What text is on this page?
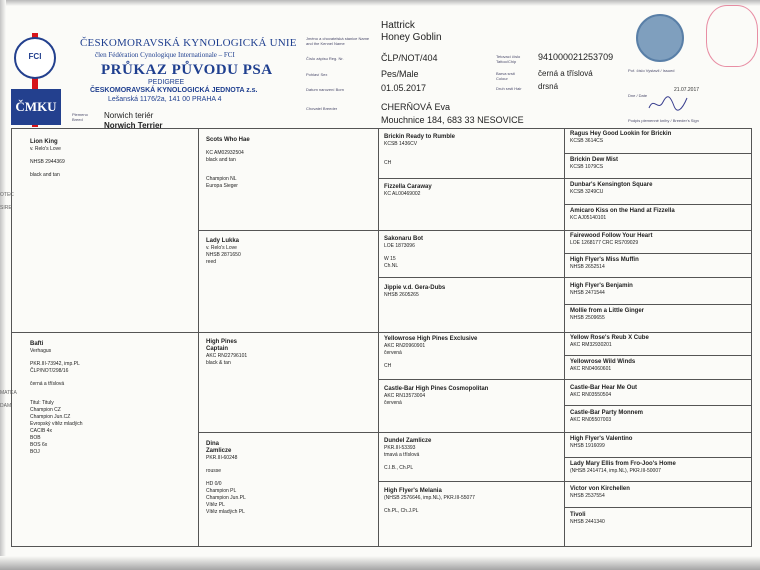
FCI
ČMKU
ČESKOMORAVSKÁ KYNOLOGICKÁ UNIE
člen Fédération Cynologique Internationale – FCI
PRŮKAZ PŮVODU PSA
PEDIGREE
ČESKOMORAVSKÁ KYNOLOGICKÁ JEDNOTA z.s.
Lešanská 1176/2a, 141 00 PRAHA 4
Plemeno Breed	Norwich teriér
Norwich Terrier
Jméno a chovatelská stanice Name and the Kennel Name
Číslo zápisu Reg. Nr.
Pohlaví Sex
Datum narození Born
Chovatel Breeder
Hattrick
Honey Goblin
ČLP/NOT/404
Pes/Male
01.05.2017
CHERŇOVÁ Eva
Mouchnice 184, 683 33 NESOVICE
Tetovací číslo Tattoo/Chip
Barva srsti Colour
Druh srsti Hair
941000021253709
černá a tříslová
drsná
Poř. číslo Vystavil / Issued
21.07.2017
Dne / Date
Podpis plemenné knihy / Breeder's Sign
OTEC SIRE
MATKA DAM
Lion King
v. Relo's Love
NHSB 2944369
black and tan
Bafti
Verhagus
PKR.III-73942, imp.PL
ČLP/NOT/298/16
černá a tříslová
Titul: Tituly
Champion CZ
Champion Jun.CZ
Evropský vítěz mladých
CACIB 4x
BOB
BOS 6x
BOJ
Scots Who Hae
KC AM02932504
black and tan
Champion NL
Europa Sieger
Lady Lukka
v. Relo's Love
NHSB 2871650
reed
High Pines
Captain
AKC RN22796101
black & tan
Dina
Zamlicze
PKR.III-60248
rousse
HD 0/0
Champion PL
Champion Jun.PL
Vítěz PL
Vítěz mladých PL
Brickin Ready to Rumble
KCSB 1436CV
CH
Fizzella Caraway
KC AL00469002
Sakonaru Bot
LOE 1873096
W 15
Ch.NL
Jippie v.d. Gera-Dubs
NHSB 2605265
Yellowrose High Pines Exclusive
AKC RN20960901
červená
CH
Castle-Bar High Pines Cosmopolitan
AKC RN13573004
červená
Dundel Zamlicze
PKR.III-53393
tmavá a tříslová
C.I.B., Ch.PL
High Flyer's Melania
(NHSB 2576646, imp.NL), PKR.III-55077
Ch.PL, Ch.J.PL
Ragus Hey Good Lookin for Brickin
KCSB 3614CS
Brickin Dew Mist
KCSB 1079CS
Dunbar's Kensington Square
KCSB 3249CU
Amicaro Kiss on the Hand at Fizzella
KC AJ05140101
Fairewood Follow Your Heart
LOE 1268177 CRC RS709029
High Flyer's Miss Muffin
NHSB 2652514
High Flyer's Benjamin
NHSB 2471544
Mollie from a Little Ginger
NHSB 2509655
Yellow Rose's Reub X Cube
AKC RM32930201
Yellowrose Wild Winds
AKC RN04060601
Castle-Bar Hear Me Out
AKC RN03550504
Castle-Bar Party Monnem
AKC RN05507003
High Flyer's Valentino
NHSB 1916099
Lady Mary Ellis from Fro-Joo's Home
(NHSB 2414714, imp.NL), PKR.III-50007
Victor von Kirchellen
NHSB 2537554
Tivoli
NHSB 2441340
